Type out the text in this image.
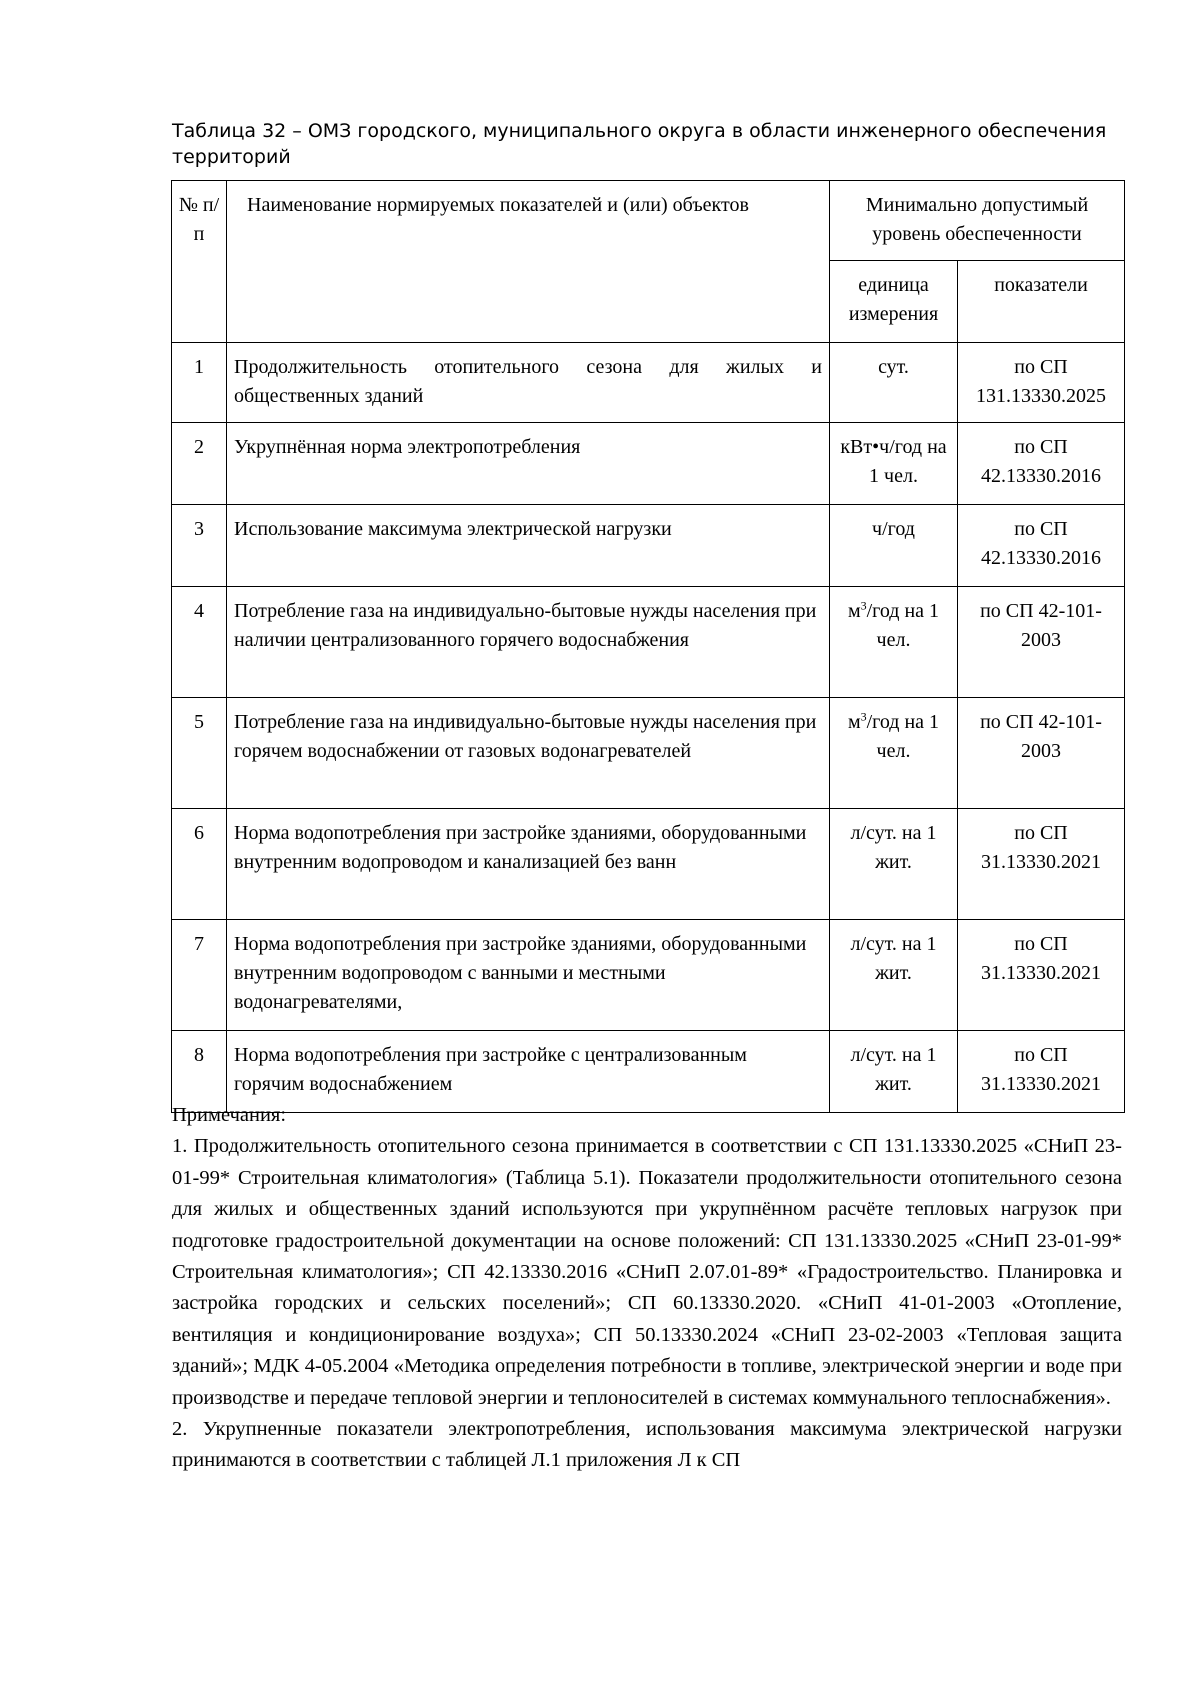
Таблица 32 – ОМЗ городского, муниципального округа в области инженерного обеспечения территорий
№ п/п	Наименование нормируемых показателей и (или) объектов	Минимально допустимый уровень обеспеченности	
		единица измерения	показатели
1	Продолжительность отопительного сезона для жилых и общественных зданий	сут.	по СП 131.13330.2025
2	Укрупнённая норма электропотребления	кВт•ч/год на 1 чел.	по СП 42.13330.2016
3	Использование максимума электрической нагрузки	ч/год	по СП 42.13330.2016
4	Потребление газа на индивидуально-бытовые нужды населения при наличии централизованного горячего водоснабжения	$м^3$/год на 1 чел.	по СП 42-101-2003
5	Потребление газа на индивидуально-бытовые нужды населения при горячем водоснабжении от газовых водонагревателей	$м^3$/год на 1 чел.	по СП 42-101-2003
6	Норма водопотребления при застройке зданиями, оборудованными внутренним водопроводом и канализацией без ванн	л/сут. на 1 жит.	по СП 31.13330.2021
7	Норма водопотребления при застройке зданиями, оборудованными внутренним водопроводом с ванными и местными водонагревателями,	л/сут. на 1 жит.	по СП 31.13330.2021
8	Норма водопотребления при застройке с централизованным горячим водоснабжением	л/сут. на 1 жит.	по СП 31.13330.2021

Примечания:

1. Продолжительность отопительного сезона принимается в соответствии с СП 131.13330.2025 «СНиП 23-01-99* Строительная климатология» (Таблица 5.1). Показатели продолжительности отопительного сезона для жилых и общественных зданий используются при укрупнённом расчёте тепловых нагрузок при подготовке градостроительной документации на основе положений: СП 131.13330.2025 «СНиП 23-01-99* Строительная климатология»; СП 42.13330.2016 «СНиП 2.07.01-89* «Градостроительство. Планировка и застройка городских и сельских поселений»; СП 60.13330.2020. «СНиП 41-01-2003 «Отопление, вентиляция и кондиционирование воздуха»; СП 50.13330.2024 «СНиП 23-02-2003 «Тепловая защита зданий»; МДК 4-05.2004 «Методика определения потребности в топливе, электрической энергии и воде при производстве и передаче тепловой энергии и теплоносителей в системах коммунального теплоснабжения».

2. Укрупненные показатели электропотребления, использования максимума электрической нагрузки принимаются в соответствии с таблицей Л.1 приложения Л к СП
